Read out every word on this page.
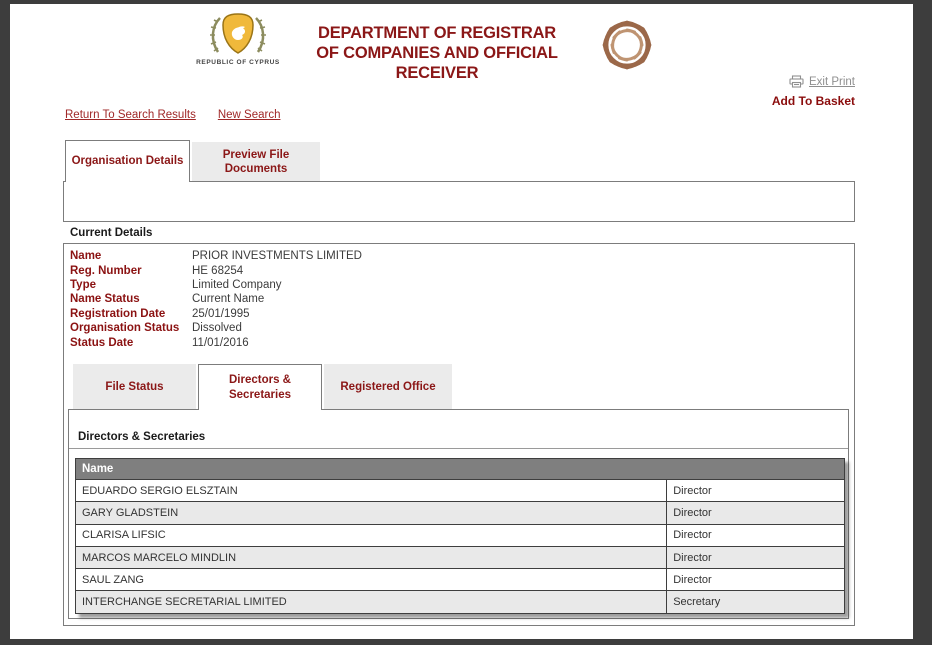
REPUBLIC OF CYPRUS
DEPARTMENT OF REGISTRAR
OF COMPANIES AND OFFICIAL RECEIVER	Exit Print
Add To Basket
Return To Search Results New Search
Organisation Details
Preview File Documents
Current Details
Name	PRIOR INVESTMENTS LIMITED
Reg. Number	HE 68254
Type	Limited Company
Name Status	Current Name
Registration Date	25/01/1995
Organisation Status	Dissolved
Status Date	11/01/2016
File Status
Directors & Secretaries
Registered Office
Directors & Secretaries
Name	
EDUARDO SERGIO ELSZTAIN	Director
GARY GLADSTEIN	Director
CLARISA LIFSIC	Director
MARCOS MARCELO MINDLIN	Director
SAUL ZANG	Director
INTERCHANGE SECRETARIAL LIMITED	Secretary
